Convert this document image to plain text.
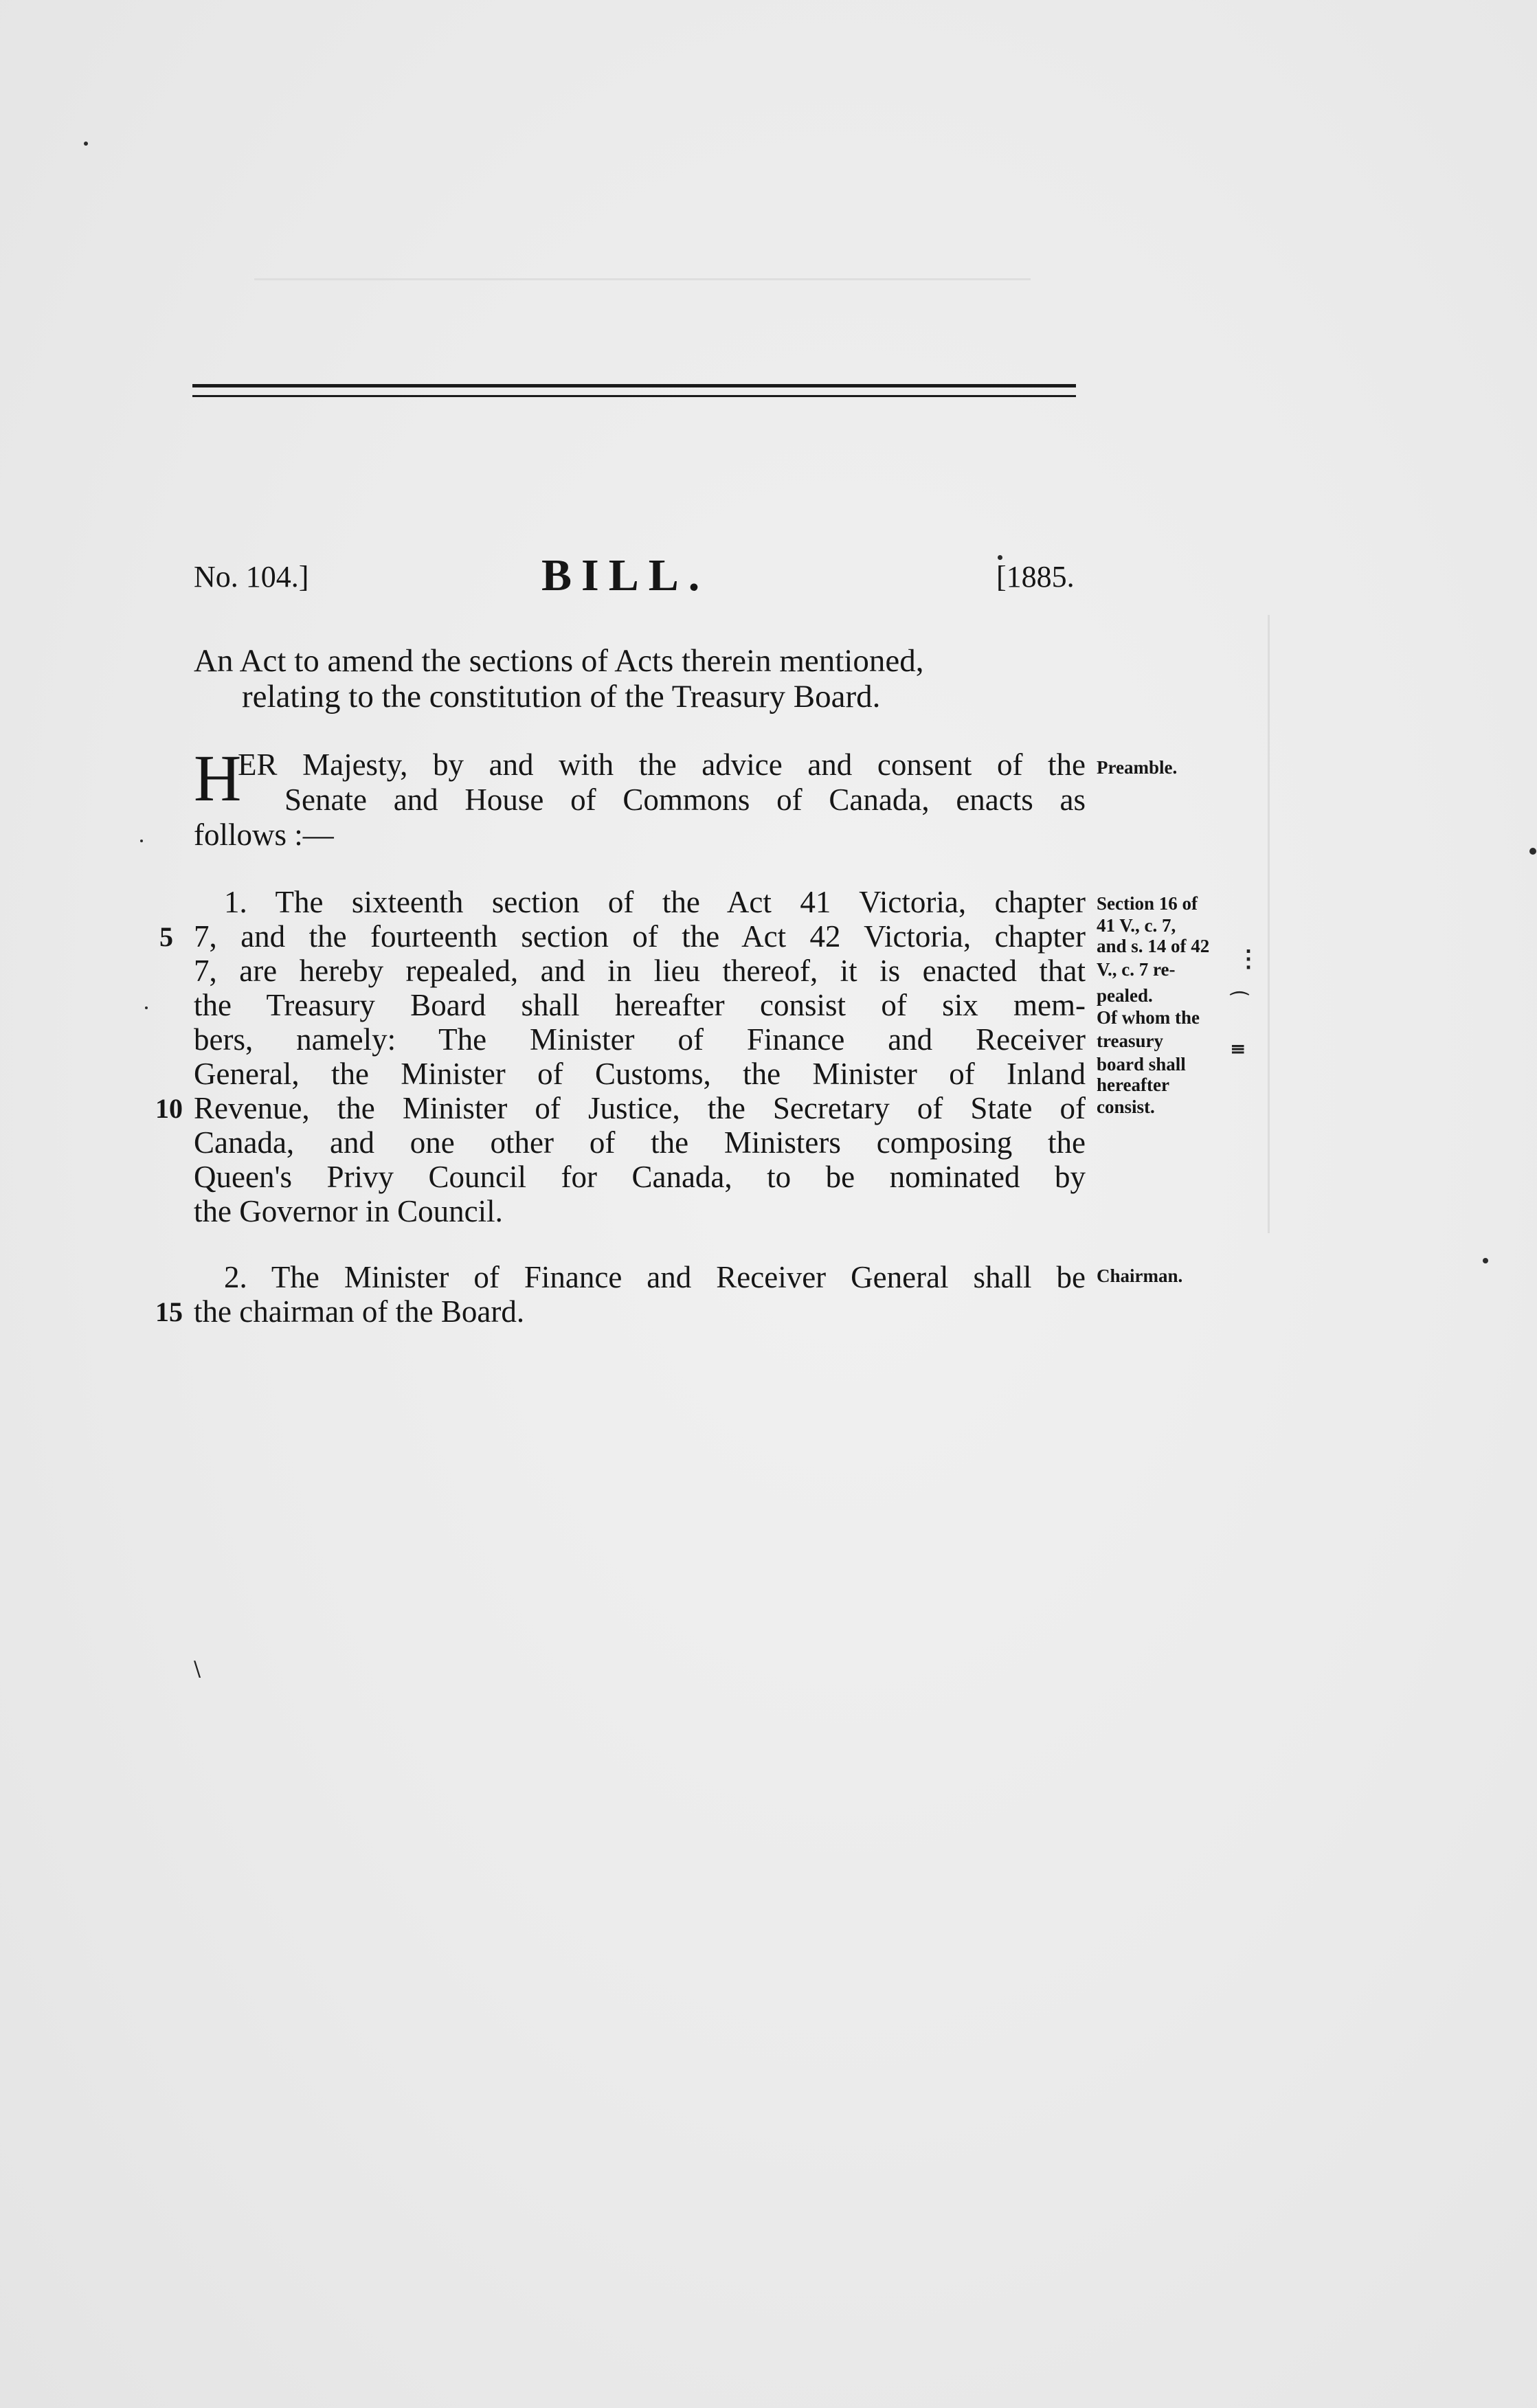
No. 104.]	BILL.	[1885.
An Act to amend the sections of Acts therein mentioned,
relating to the constitution of the Treasury Board.
H
ER Majesty, by and with the advice and consent of the
Senate and House of Commons of Canada, enacts as
follows :—
1. The sixteenth section of the Act 41 Victoria, chapter
7, and the fourteenth section of the Act 42 Victoria, chapter
7, are hereby repealed, and in lieu thereof, it is enacted that
the Treasury Board shall hereafter consist of six mem-
bers, namely: The Minister of Finance and Receiver
General, the Minister of Customs, the Minister of Inland
Revenue, the Minister of Justice, the Secretary of State of
Canada, and one other of the Ministers composing the
Queen's Privy Council for Canada, to be nominated by
the Governor in Council.
2. The Minister of Finance and Receiver General shall be
the chairman of the Board.
5
10
15
Preamble.
Section 16 of
41 V., c. 7,
and s. 14 of 42
V., c. 7 re-
pealed.
Of whom the
treasury
board shall
hereafter
consist.
Chairman.
⋮
⌒
≡
\
